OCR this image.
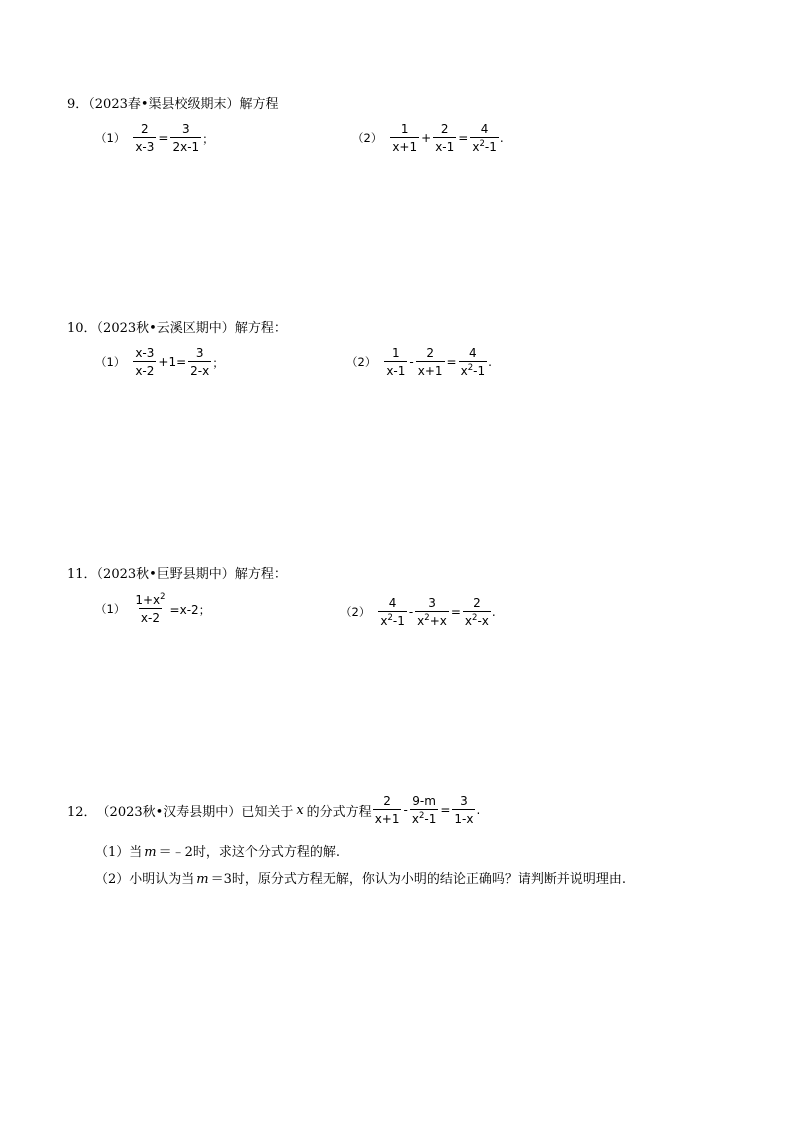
9．（2023春•渠县校级期末）解方程
$(1) \frac{2}{x-3} = \frac{3}{2x-1}$ ；	$(2) \frac{1}{x+1} + \frac{2}{x-1} = \frac{4}{x^2-1}$ .
10．（2023秋•云溪区期中）解方程：
$(1) \frac{x-3}{x-2} +1= \frac{3}{2-x}$ ；	$(2) \frac{1}{x-1} - \frac{2}{x+1} = \frac{4}{x^2-1}$ .
11．（2023秋•巨野县期中）解方程：
$(1) \frac{1+x^2}{x-2} =x-2$；	$(2) \frac{4}{x^2-1} - \frac{3}{x^2+x} = \frac{2}{x^2-x}$ .
12． （2023秋•汉寿县期中） 已知关于 x 的分式方程 $\frac{2}{x+1} - \frac{9-m}{x^2-1} = \frac{3}{1-x}$ .
（1）当 m ＝﹣2时，求这个分式方程的解.
（2）小明认为当 m ＝3时，原分式方程无解，你认为小明的结论正确吗？请判断并说明理由.
